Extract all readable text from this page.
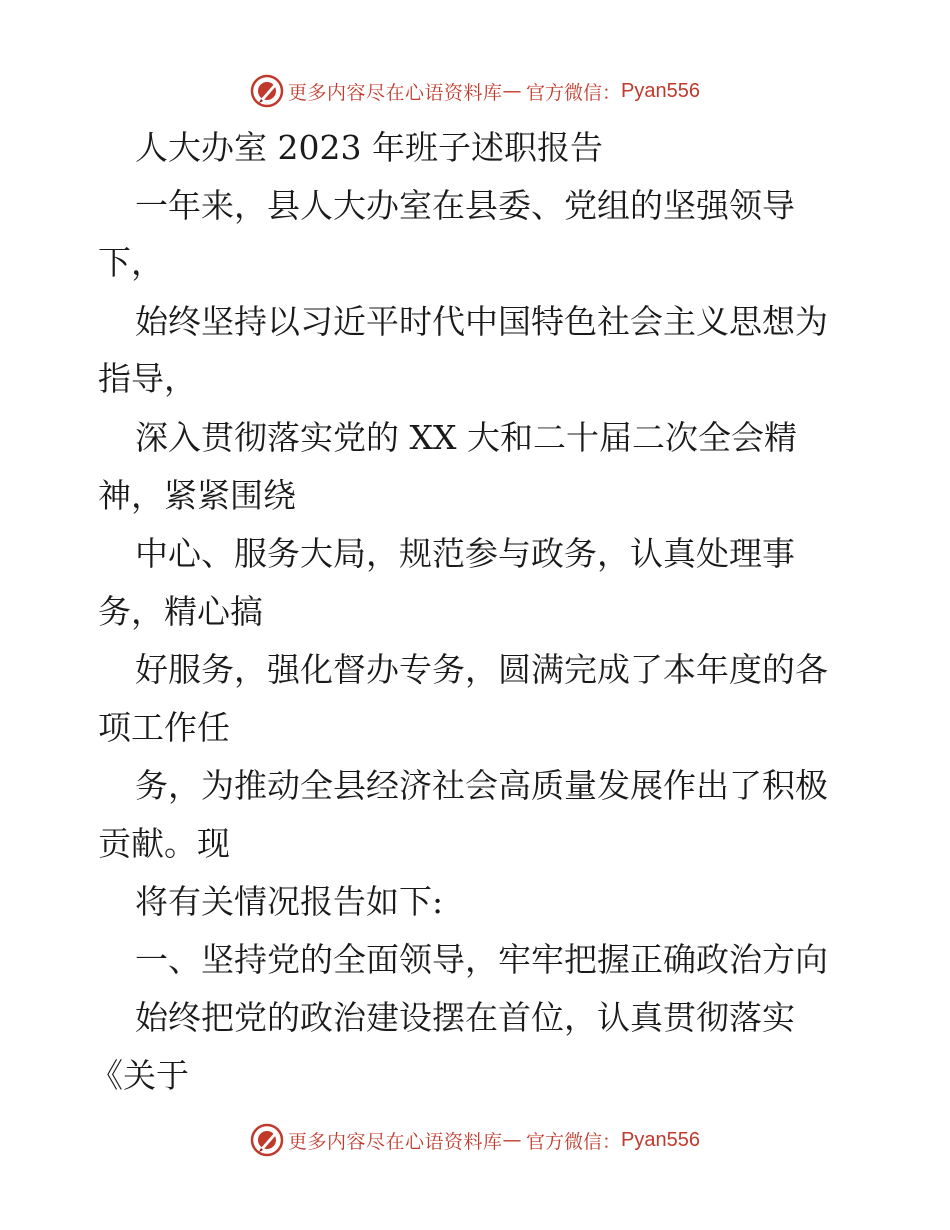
更多内容尽在心语资料库 — 官方微信： Pyan556
人大办室 2023 年班子述职报告
一年来，县人大办室在县委、党组的坚强领导
下，
始终坚持以习近平时代中国特色社会主义思想为
指导，
深入贯彻落实党的 XX 大和二十届二次全会精
神，紧紧围绕
中心、服务大局，规范参与政务，认真处理事
务，精心搞
好服务，强化督办专务，圆满完成了本年度的各
项工作任
务，为推动全县经济社会高质量发展作出了积极
贡献。现
将有关情况报告如下:
一、坚持党的全面领导，牢牢把握正确政治方向
始终把党的政治建设摆在首位，认真贯彻落实
《关于
更多内容尽在心语资料库 — 官方微信： Pyan556
